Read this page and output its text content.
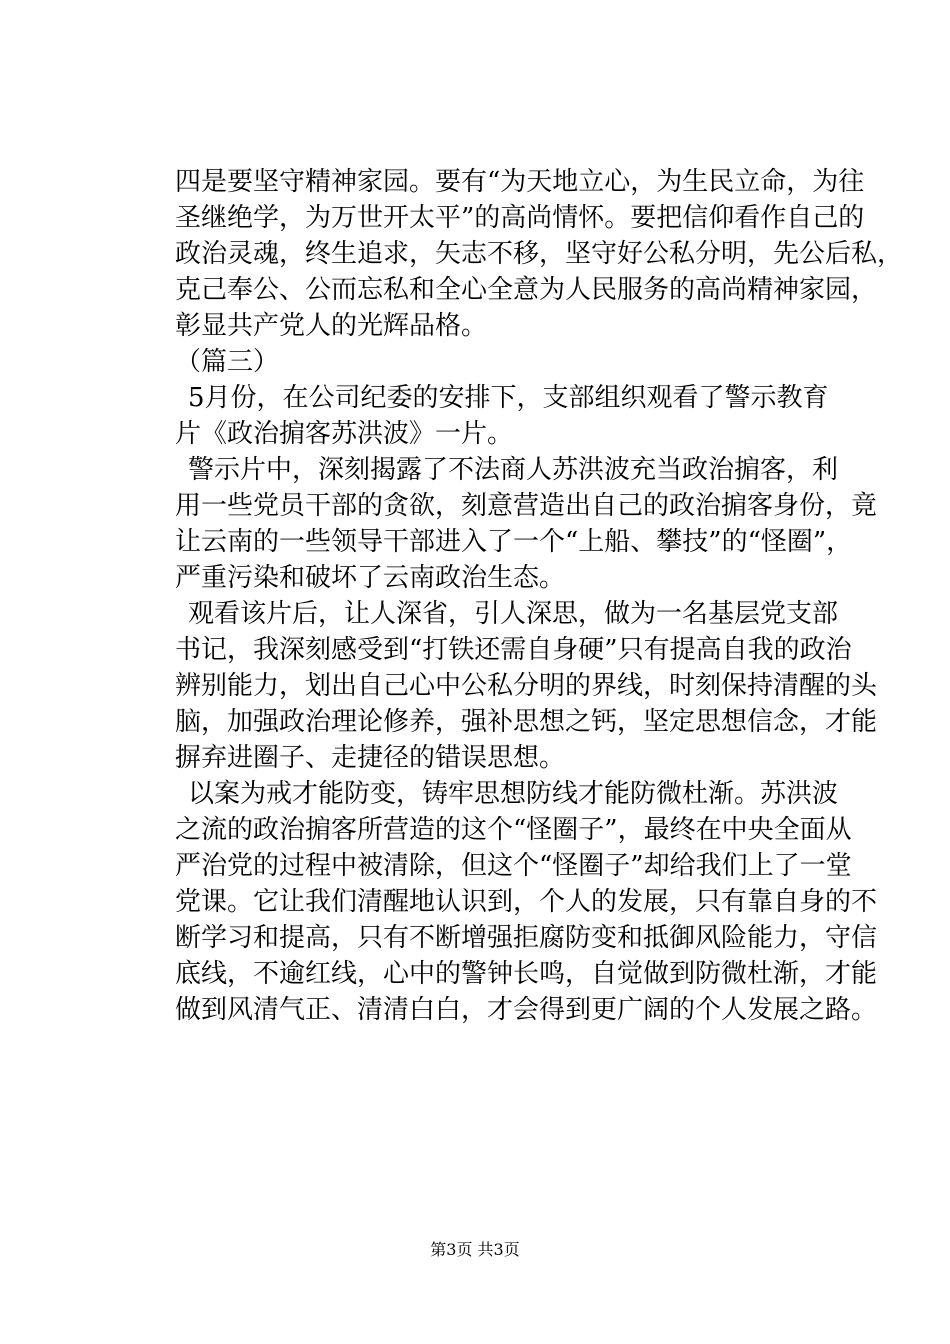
四是要坚守精神家园。要有“为天地立心，为生民立命，为往
圣继绝学，为万世开太平”的高尚情怀。要把信仰看作自己的
政治灵魂，终生追求，矢志不移，坚守好公私分明，先公后私，
克己奉公、公而忘私和全心全意为人民服务的高尚精神家园，
彰显共产党人的光辉品格。
（篇三）
5月份，在公司纪委的安排下，支部组织观看了警示教育
片《政治掮客苏洪波》一片。
警示片中，深刻揭露了不法商人苏洪波充当政治掮客，利
用一些党员干部的贪欲，刻意营造出自己的政治掮客身份，竟
让云南的一些领导干部进入了一个“上船、攀技”的“怪圈”，
严重污染和破坏了云南政治生态。
观看该片后，让人深省，引人深思，做为一名基层党支部
书记，我深刻感受到“打铁还需自身硬”只有提高自我的政治
辨别能力，划出自己心中公私分明的界线，时刻保持清醒的头
脑，加强政治理论修养，强补思想之钙，坚定思想信念，才能
摒弃进圈子、走捷径的错误思想。
以案为戒才能防变，铸牢思想防线才能防微杜渐。苏洪波
之流的政治掮客所营造的这个“怪圈子”，最终在中央全面从
严治党的过程中被清除，但这个“怪圈子”却给我们上了一堂
党课。它让我们清醒地认识到，个人的发展，只有靠自身的不
断学习和提高，只有不断增强拒腐防变和抵御风险能力，守信
底线，不逾红线，心中的警钟长鸣，自觉做到防微杜渐，才能
做到风清气正、清清白白，才会得到更广阔的个人发展之路。
第3页 共3页
